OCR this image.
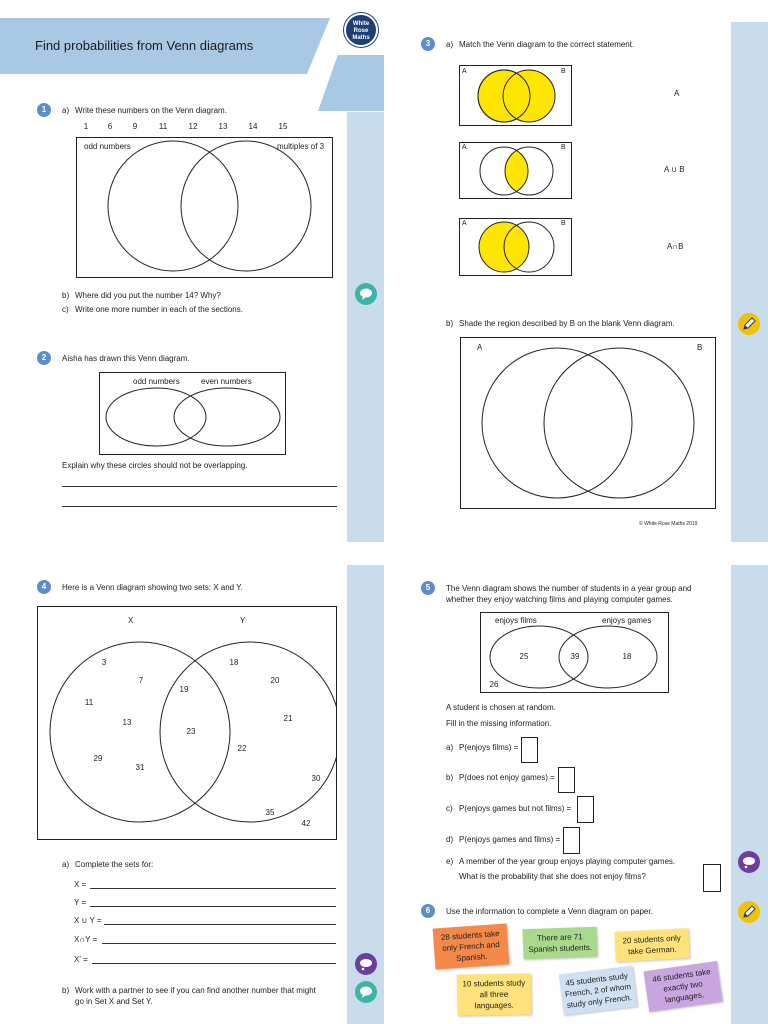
Find probabilities from Venn diagrams
White
Rose
Maths
1	a) Write these numbers on the Venn diagram.
1	6	9	11	12	13	14	15
odd numbers	multiples of 3
b) Where did you put the number 14? Why?
c) Write one more number in each of the sections.
2	Aisha has drawn this Venn diagram.
odd numbers	even numbers
Explain why these circles should not be overlapping.
3	a) Match the Venn diagram to the correct statement.
A	B
A
A	B
A ∪ B
A	B
A∩B
b) Shade the region described by B on the blank Venn diagram.
A	B
© White Rose Maths 2019
4	Here is a Venn diagram showing two sets: X and Y.
X	Y
3
7
11
13
29
31
19
23
18
20
21
22
30
35
42
a) Complete the sets for:
X =
Y =
X ∪ Y =
X∩Y =
X' =
b) Work with a partner to see if you can find another number that might
go in Set X and Set Y.
5	The Venn diagram shows the number of students in a year group and
whether they enjoy watching films and playing computer games.
enjoys films	enjoys games
25	39	18
26
A student is chosen at random.
Fill in the missing information.
a) P(enjoys films) =
b) P(does not enjoy games) =
c) P(enjoys games but not films) =
d) P(enjoys games and films) =
e) A member of the year group enjoys playing computer games.
What is the probability that she does not enjoy films?
6	Use the information to complete a Venn diagram on paper.
28 students take only French and Spanish.
There are 71 Spanish students.
20 students only take German.
10 students study all three languages.
45 students study French, 2 of whom study only French.
46 students take exactly two languages.
